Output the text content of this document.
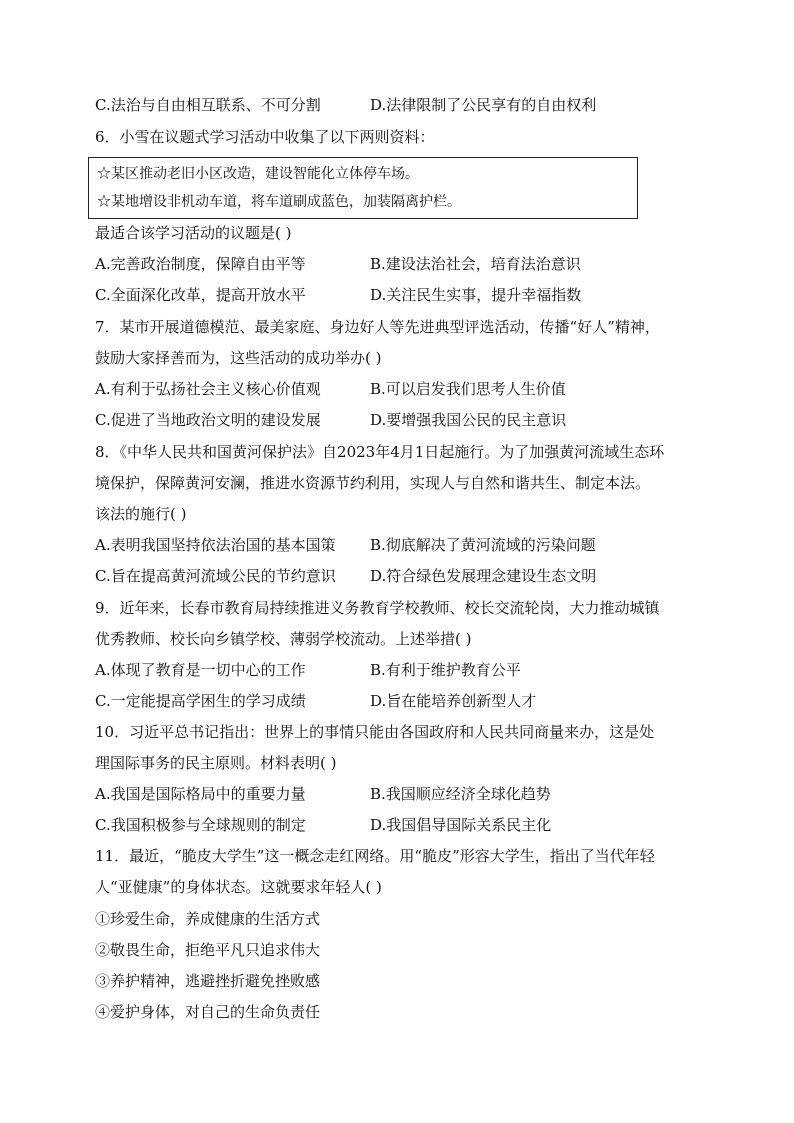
C.法治与自由相互联系、不可分割	D.法律限制了公民享有的自由权利
6．小雪在议题式学习活动中收集了以下两则资料：
☆某区推动老旧小区改造，建设智能化立体停车场。
☆某地增设非机动车道，将车道刷成蓝色，加装隔离护栏。
最适合该学习活动的议题是( )
A.完善政治制度，保障自由平等	B.建设法治社会，培育法治意识
C.全面深化改革，提高开放水平	D.关注民生实事，提升幸福指数
7．某市开展道德模范、最美家庭、身边好人等先进典型评选活动，传播“好人”精神，
鼓励大家择善而为，这些活动的成功举办( )
A.有利于弘扬社会主义核心价值观	B.可以启发我们思考人生价值
C.促进了当地政治文明的建设发展	D.要增强我国公民的民主意识
8．《中华人民共和国黄河保护法》自2023年4月1日起施行。为了加强黄河流域生态环
境保护，保障黄河安澜，推进水资源节约利用，实现人与自然和谐共生、制定本法。
该法的施行( )
A.表明我国坚持依法治国的基本国策 B.彻底解决了黄河流域的污染问题
C.旨在提高黄河流域公民的节约意识 D.符合绿色发展理念建设生态文明
9．近年来，长春市教育局持续推进义务教育学校教师、校长交流轮岗，大力推动城镇
优秀教师、校长向乡镇学校、薄弱学校流动。上述举措( )
A.体现了教育是一切中心的工作	B.有利于维护教育公平
C.一定能提高学困生的学习成绩	D.旨在能培养创新型人才
10．习近平总书记指出：世界上的事情只能由各国政府和人民共同商量来办，这是处
理国际事务的民主原则。材料表明( )
A.我国是国际格局中的重要力量	B.我国顺应经济全球化趋势
C.我国积极参与全球规则的制定	D.我国倡导国际关系民主化
11．最近，“脆皮大学生”这一概念走红网络。用“脆皮”形容大学生，指出了当代年轻
人“亚健康”的身体状态。这就要求年轻人( )
①珍爱生命，养成健康的生活方式
②敬畏生命，拒绝平凡只追求伟大
③养护精神，逃避挫折避免挫败感
④爱护身体，对自己的生命负责任
